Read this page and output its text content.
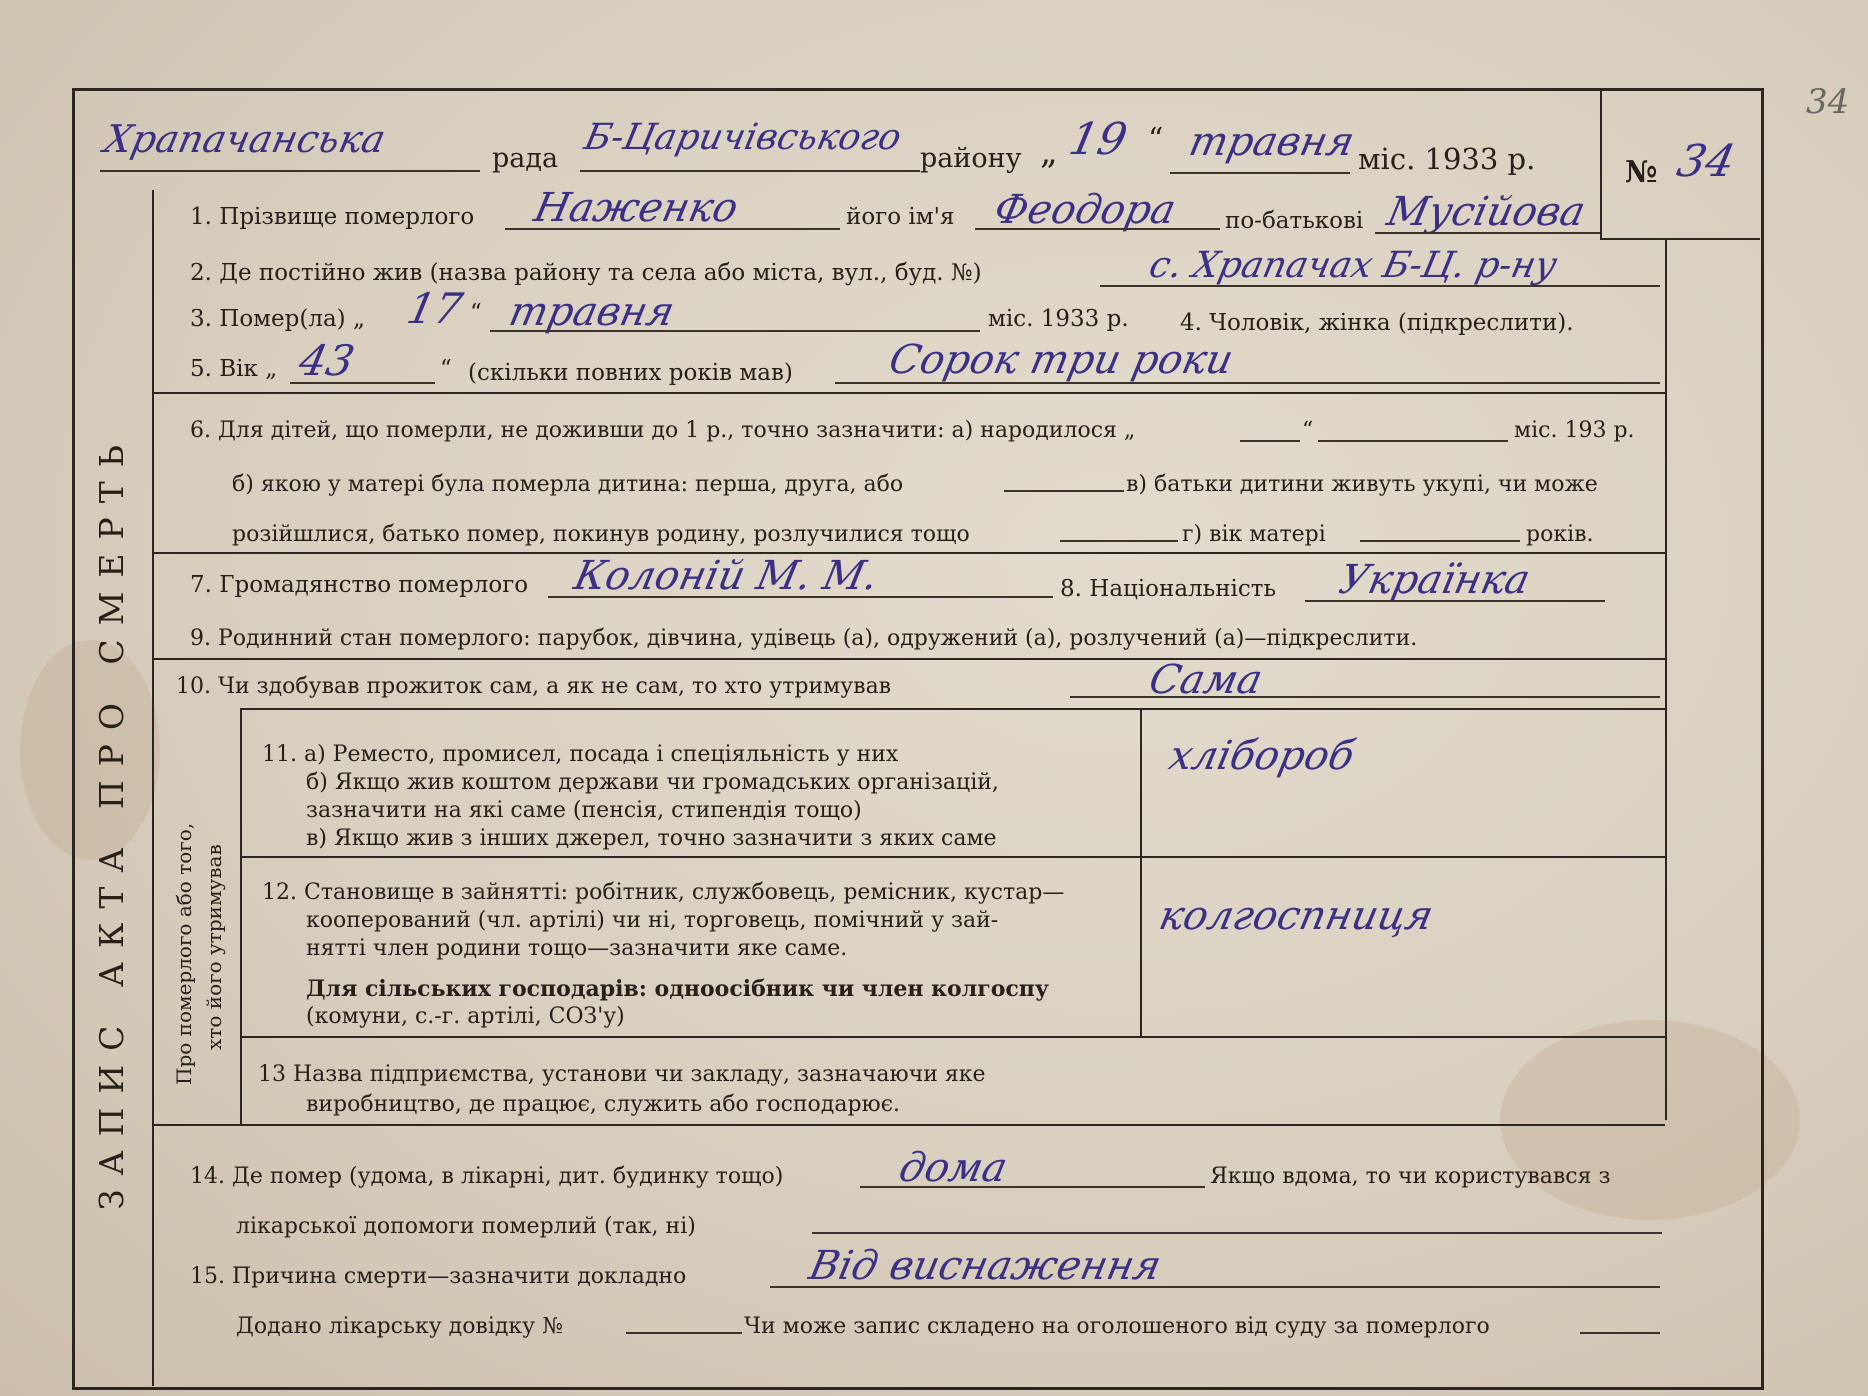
34
Храпачанська	рада
Б-Царичівського
району „ 19 “ травня міс. 1933 р.	№ 34
ЗАПИС АКТА ПРО СМЕРТЬ Про померлого або того, хто його утримував
1. Прізвище померлого Наженко	його ім'я Феодора по-батькові Мусійова
2. Де постійно жив (назва району та села або міста, вул., буд. №)	с. Храпачах Б-Ц. р-ну
3. Помер(ла) „ 17 “ травня	міс. 1933 р. 4. Чоловік, жінка (підкреслити).
5. Вік „ 43	“ (скільки повних років мав) Сорок три роки
6. Для дітей, що померли, не доживши до 1 р., точно зазначити: а) народилося „	“	міс. 193 р.
б) якою у матері була померла дитина: перша, друга, або	в) батьки дитини живуть укупі, чи може
розійшлися, батько помер, покинув родину, розлучилися тощо	г) вік матері	років.
7. Громадянство померлого Колоній М. М.	8. Національність Українка
9. Родинний стан померлого: парубок, дівчина, удівець (а), одружений (а), розлучений (а)—підкреслити.
10. Чи здобував прожиток сам, а як не сам, то хто утримував	Сама
11. а) Реместо, промисел, посада і спеціяльність у них
б) Якщо жив коштом держави чи громадських організацій,
зазначити на які саме (пенсія, стипендія тощо)
в) Якщо жив з інших джерел, точно зазначити з яких саме
хлібороб
12. Становище в зайнятті: робітник, службовець, ремісник, кустар—
кооперований (чл. артілі) чи ні, торговець, помічний у зай-
нятті член родини тощо—зазначити яке саме.
Для сільських господарів: одноосібник чи член колгоспу
(комуни, с.-г. артілі, СОЗ'у)
колгоспниця
13 Назва підприємства, установи чи закладу, зазначаючи яке
виробництво, де працює, служить або господарює.
14. Де помер (удома, в лікарні, дит. будинку тощо)	дома	Якщо вдома, то чи користувався з
лікарської допомоги померлий (так, ні)
15. Причина смерти—зазначити докладно	Від виснаження
Додано лікарську довідку №	Чи може запис складено на оголошеного від суду за померлого
